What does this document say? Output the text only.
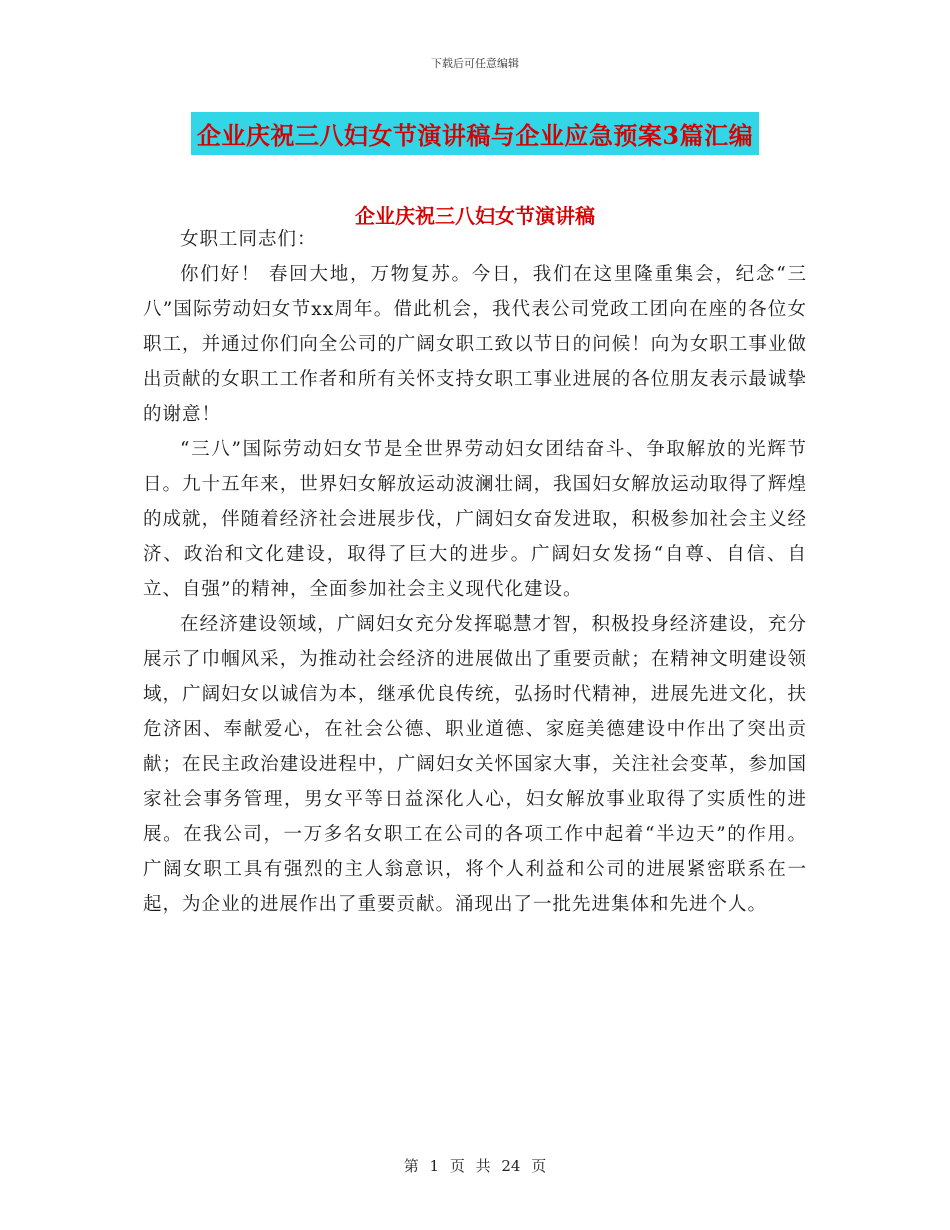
下载后可任意编辑
企业庆祝三八妇女节演讲稿与企业应急预案3篇汇编
企业庆祝三八妇女节演讲稿

女职工同志们：

你们好！ 春回大地，万物复苏。今日，我们在这里隆重集会，纪念“三八”国际劳动妇女节xx周年。借此机会，我代表公司党政工团向在座的各位女职工，并通过你们向全公司的广阔女职工致以节日的问候！向为女职工事业做出贡献的女职工工作者和所有关怀支持女职工事业进展的各位朋友表示最诚挚的谢意！

“三八”国际劳动妇女节是全世界劳动妇女团结奋斗、争取解放的光辉节日。九十五年来，世界妇女解放运动波澜壮阔，我国妇女解放运动取得了辉煌的成就，伴随着经济社会进展步伐，广阔妇女奋发进取，积极参加社会主义经济、政治和文化建设，取得了巨大的进步。广阔妇女发扬“自尊、自信、自立、自强”的精神，全面参加社会主义现代化建设。

在经济建设领域，广阔妇女充分发挥聪慧才智，积极投身经济建设，充分展示了巾帼风采，为推动社会经济的进展做出了重要贡献；在精神文明建设领域，广阔妇女以诚信为本，继承优良传统，弘扬时代精神，进展先进文化，扶危济困、奉献爱心，在社会公德、职业道德、家庭美德建设中作出了突出贡献；在民主政治建设进程中，广阔妇女关怀国家大事，关注社会变革，参加国家社会事务管理，男女平等日益深化人心，妇女解放事业取得了实质性的进展。在我公司，一万多名女职工在公司的各项工作中起着“半边天”的作用。广阔女职工具有强烈的主人翁意识，将个人利益和公司的进展紧密联系在一起，为企业的进展作出了重要贡献。涌现出了一批先进集体和先进个人。

第 1 页 共 24 页
